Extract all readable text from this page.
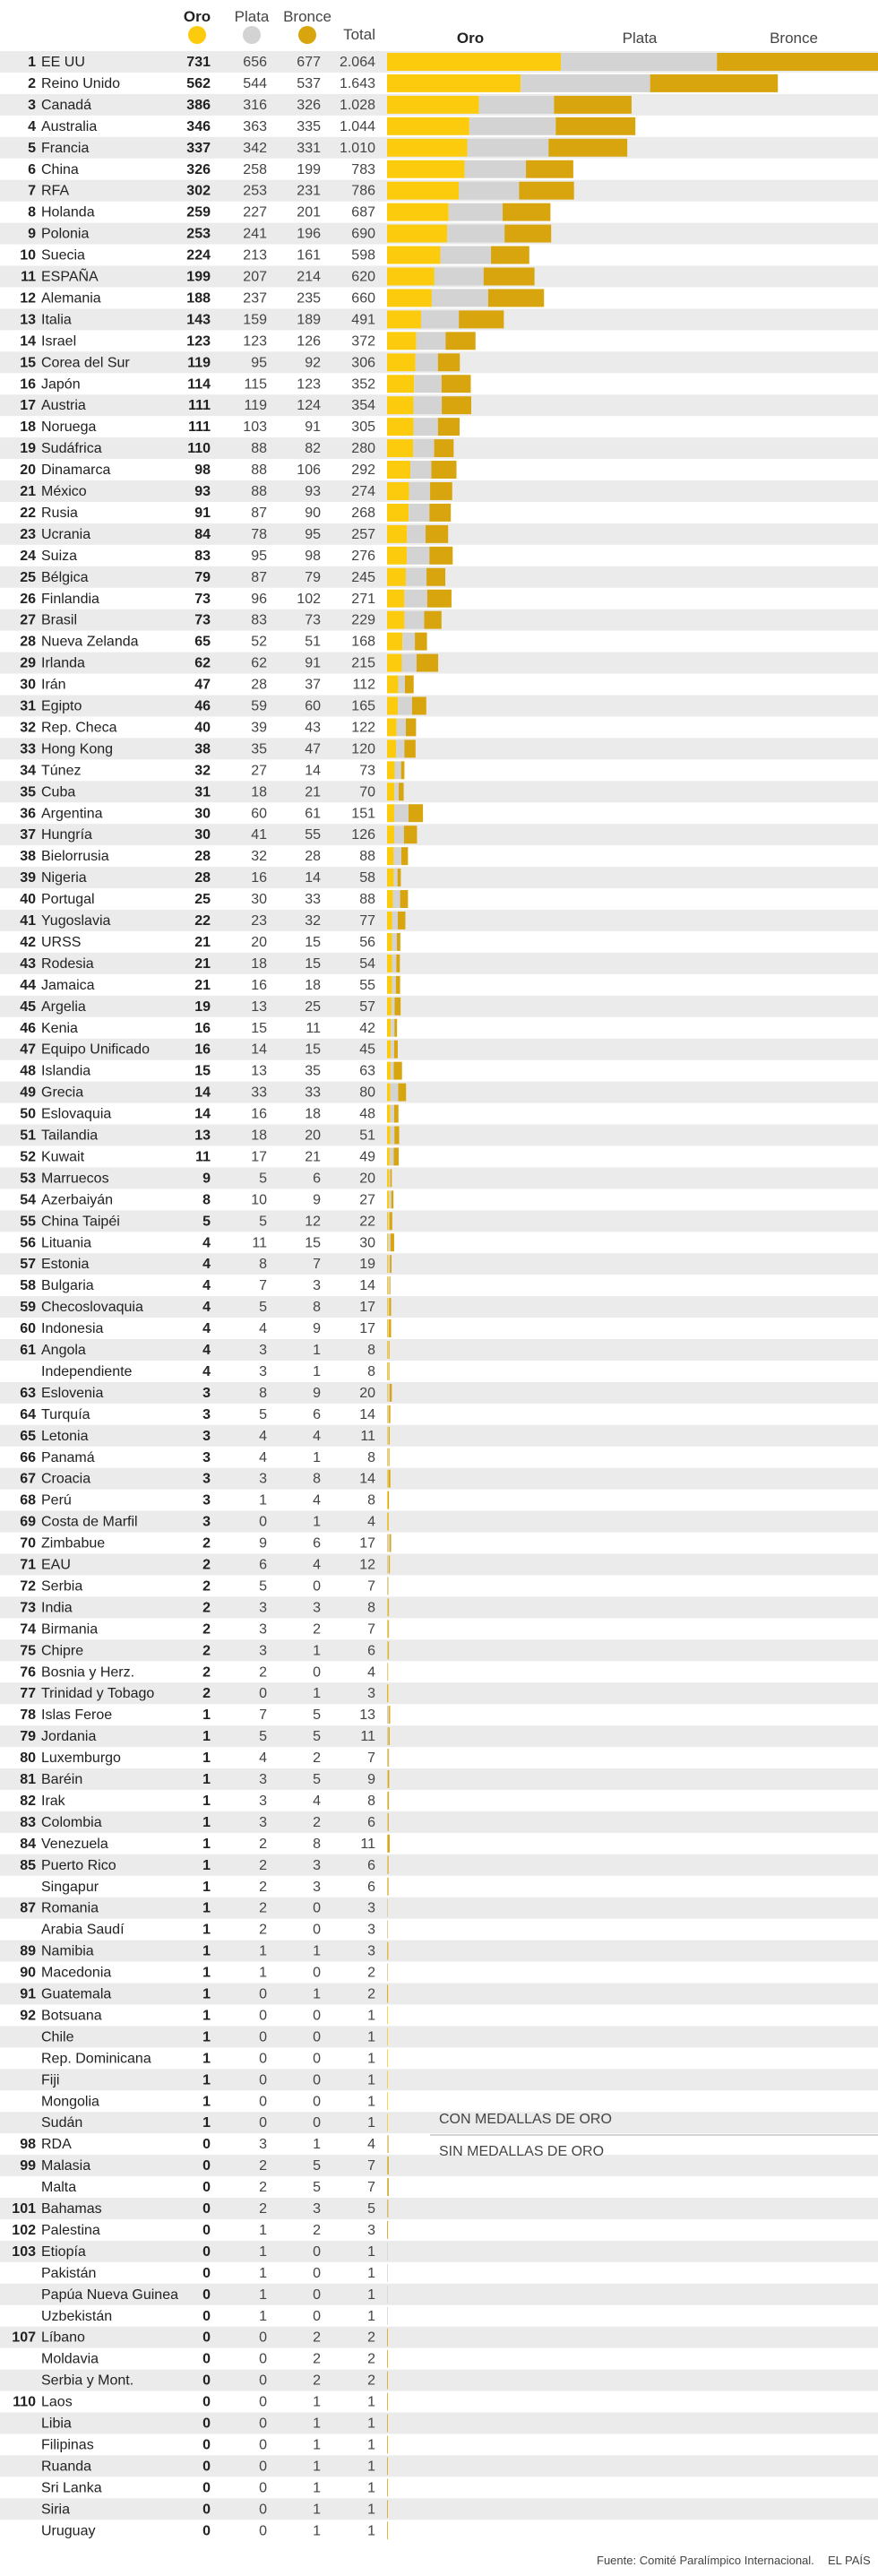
Oro Plata Bronce
Total	Oro	Plata	Bronce
1 EE UU	731 656 677 2.064
2 Reino Unido	562 544 537 1.643
3 Canadá	386 316 326 1.028
4 Australia	346 363 335 1.044
5 Francia	337 342 331 1.010
6 China	326 258 199 783
7 RFA	302 253 231 786
8 Holanda	259 227 201 687
9 Polonia	253 241 196 690
10 Suecia	224 213 161 598
11 ESPAÑA	199 207 214 620
12 Alemania	188 237 235 660
13 Italia	143 159 189 491
14 Israel	123 123 126 372
15 Corea del Sur	119	95	92 306
16 Japón	114 115 123 352
17 Austria	111 119 124 354
18 Noruega	111 103	91 305
19 Sudáfrica	110	88	82 280
20 Dinamarca	98	88 106 292
21 México	93	88	93 274
22 Rusia	91	87	90 268
23 Ucrania	84	78	95 257
24 Suiza	83	95	98 276
25 Bélgica	79	87	79 245
26 Finlandia	73	96 102 271
27 Brasil	73	83	73 229
28 Nueva Zelanda	65	52	51 168
29 Irlanda	62	62	91 215
30 Irán	47	28	37 112
31 Egipto	46	59	60 165
32 Rep. Checa	40	39	43 122
33 Hong Kong	38	35	47 120
34 Túnez	32	27	14	73
35 Cuba	31	18	21	70
36 Argentina	30	60	61 151
37 Hungría	30	41	55 126
38 Bielorrusia	28	32	28	88
39 Nigeria	28	16	14	58
40 Portugal	25	30	33	88
41 Yugoslavia	22	23	32	77
42 URSS	21	20	15	56
43 Rodesia	21	18	15	54
44 Jamaica	21	16	18	55
45 Argelia	19	13	25	57
46 Kenia	16	15	11	42
47 Equipo Unificado	16	14	15	45
48 Islandia	15	13	35	63
49 Grecia	14	33	33	80
50 Eslovaquia	14	16	18	48
51 Tailandia	13	18	20	51
52 Kuwait	11	17	21	49
53 Marruecos	9	5	6	20
54 Azerbaiyán	8	10	9	27
55 China Taipéi	5	5	12	22
56 Lituania	4	11	15	30
57 Estonia	4	8	7	19
58 Bulgaria	4	7	3	14
59 Checoslovaquia	4	5	8	17
60 Indonesia	4	4	9	17
61 Angola	4	3	1	8
Independiente	4	3	1	8
63 Eslovenia	3	8	9	20
64 Turquía	3	5	6	14
65 Letonia	3	4	4	11
66 Panamá	3	4	1	8
67 Croacia	3	3	8	14
68 Perú	3	1	4	8
69 Costa de Marfil	3	0	1	4
70 Zimbabue	2	9	6	17
71 EAU	2	6	4	12
72 Serbia	2	5	0	7
73 India	2	3	3	8
74 Birmania	2	3	2	7
75 Chipre	2	3	1	6
76 Bosnia y Herz.	2	2	0	4
77 Trinidad y Tobago	2	0	1	3
78 Islas Feroe	1	7	5	13
79 Jordania	1	5	5	11
80 Luxemburgo	1	4	2	7
81 Baréin	1	3	5	9
82 Irak	1	3	4	8
83 Colombia	1	3	2	6
84 Venezuela	1	2	8	11
85 Puerto Rico	1	2	3	6
Singapur	1	2	3	6
87 Romania	1	2	0	3
Arabia Saudí	1	2	0	3
89 Namibia	1	1	1	3
90 Macedonia	1	1	0	2
91 Guatemala	1	0	1	2
92 Botsuana	1	0	0	1
Chile	1	0	0	1
Rep. Dominicana	1	0	0	1
Fiji	1	0	0	1
Mongolia	1	0	0	1
Sudán	1	0	0	1
98 RDA	0	3	1	4
99 Malasia	0	2	5	7
Malta	0	2	5	7
101 Bahamas	0	2	3	5
102 Palestina	0	1	2	3
103 Etiopía	0	1	0	1
Pakistán	0	1	0	1
Papúa Nueva Guinea 0	1	0	1
Uzbekistán	0	1	0	1
107 Líbano	0	0	2	2
Moldavia	0	0	2	2
Serbia y Mont.	0	0	2	2
110 Laos	0	0	1	1
Libia	0	0	1	1
Filipinas	0	0	1	1
Ruanda	0	0	1	1
Sri Lanka	0	0	1	1
Siria	0	0	1	1
Uruguay	0	0	1	1
CON MEDALLAS DE ORO
SIN MEDALLAS DE ORO
Fuente: Comité Paralímpico Internacional. EL PAÍS
